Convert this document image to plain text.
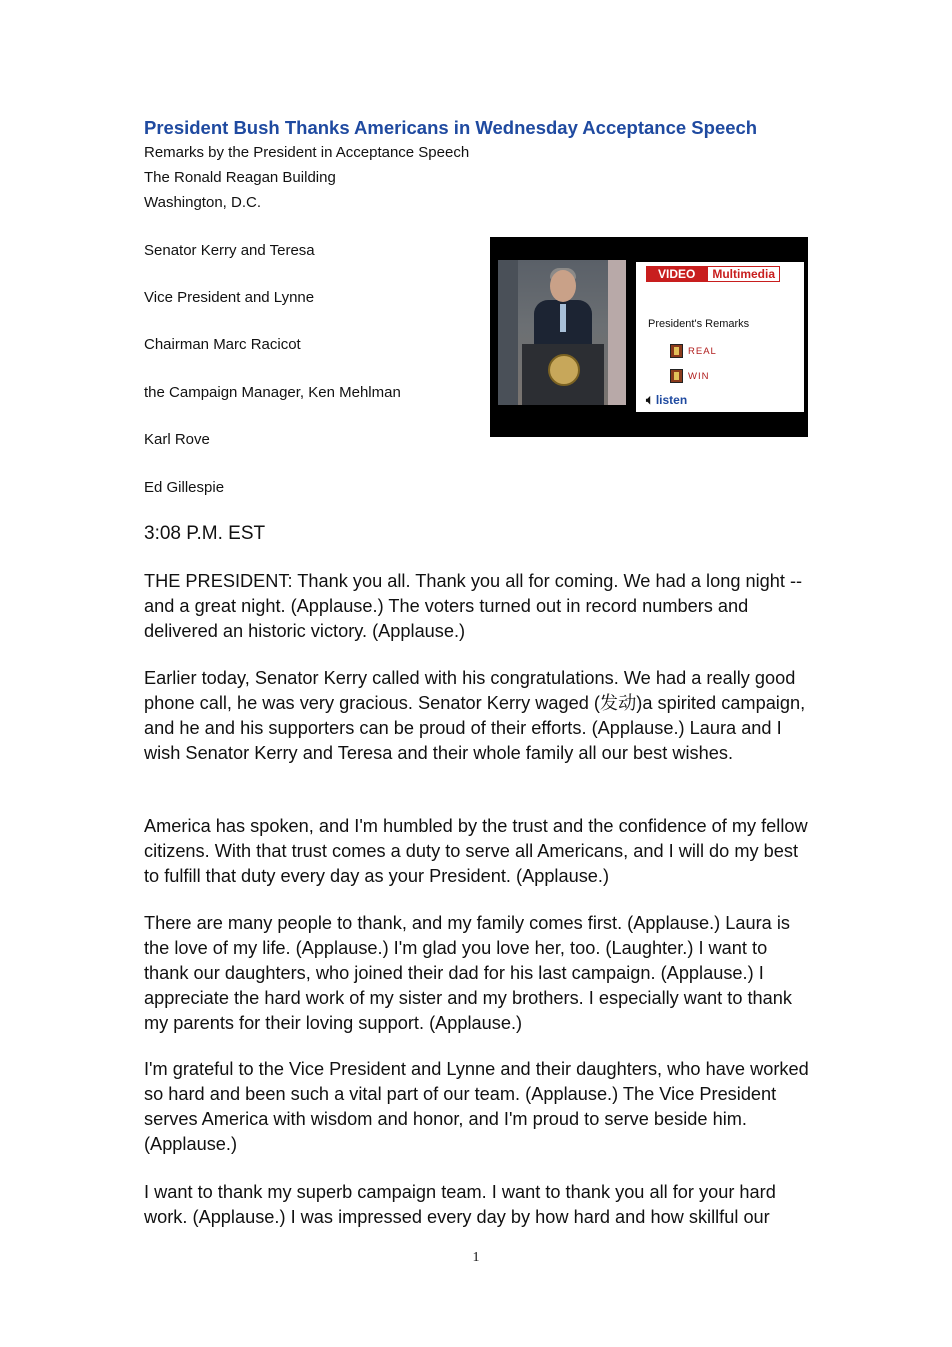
President Bush Thanks Americans in Wednesday Acceptance Speech
Remarks by the President in Acceptance Speech
The Ronald Reagan Building
Washington, D.C.
Senator Kerry and Teresa
Vice President and Lynne
Chairman Marc Racicot
the Campaign Manager, Ken Mehlman
Karl Rove
Ed Gillespie
VIDEO	Multimedia
President's Remarks
REAL
WIN
🔈︎ listen
3:08 P.M. EST

THE PRESIDENT: Thank you all. Thank you all for coming. We had a long night -- and a great night. (Applause.) The voters turned out in record numbers and delivered an historic victory. (Applause.)

Earlier today, Senator Kerry called with his congratulations. We had a really good phone call, he was very gracious. Senator Kerry waged (发动)a spirited campaign, and he and his supporters can be proud of their efforts. (Applause.) Laura and I wish Senator Kerry and Teresa and their whole family all our best wishes.

America has spoken, and I'm humbled by the trust and the confidence of my fellow citizens. With that trust comes a duty to serve all Americans, and I will do my best to fulfill that duty every day as your President. (Applause.)

There are many people to thank, and my family comes first. (Applause.) Laura is the love of my life. (Applause.) I'm glad you love her, too. (Laughter.) I want to thank our daughters, who joined their dad for his last campaign. (Applause.) I appreciate the hard work of my sister and my brothers. I especially want to thank my parents for their loving support. (Applause.)

I'm grateful to the Vice President and Lynne and their daughters, who have worked so hard and been such a vital part of our team. (Applause.) The Vice President serves America with wisdom and honor, and I'm proud to serve beside him. (Applause.)

I want to thank my superb campaign team. I want to thank you all for your hard work. (Applause.) I was impressed every day by how hard and how skillful our

1
